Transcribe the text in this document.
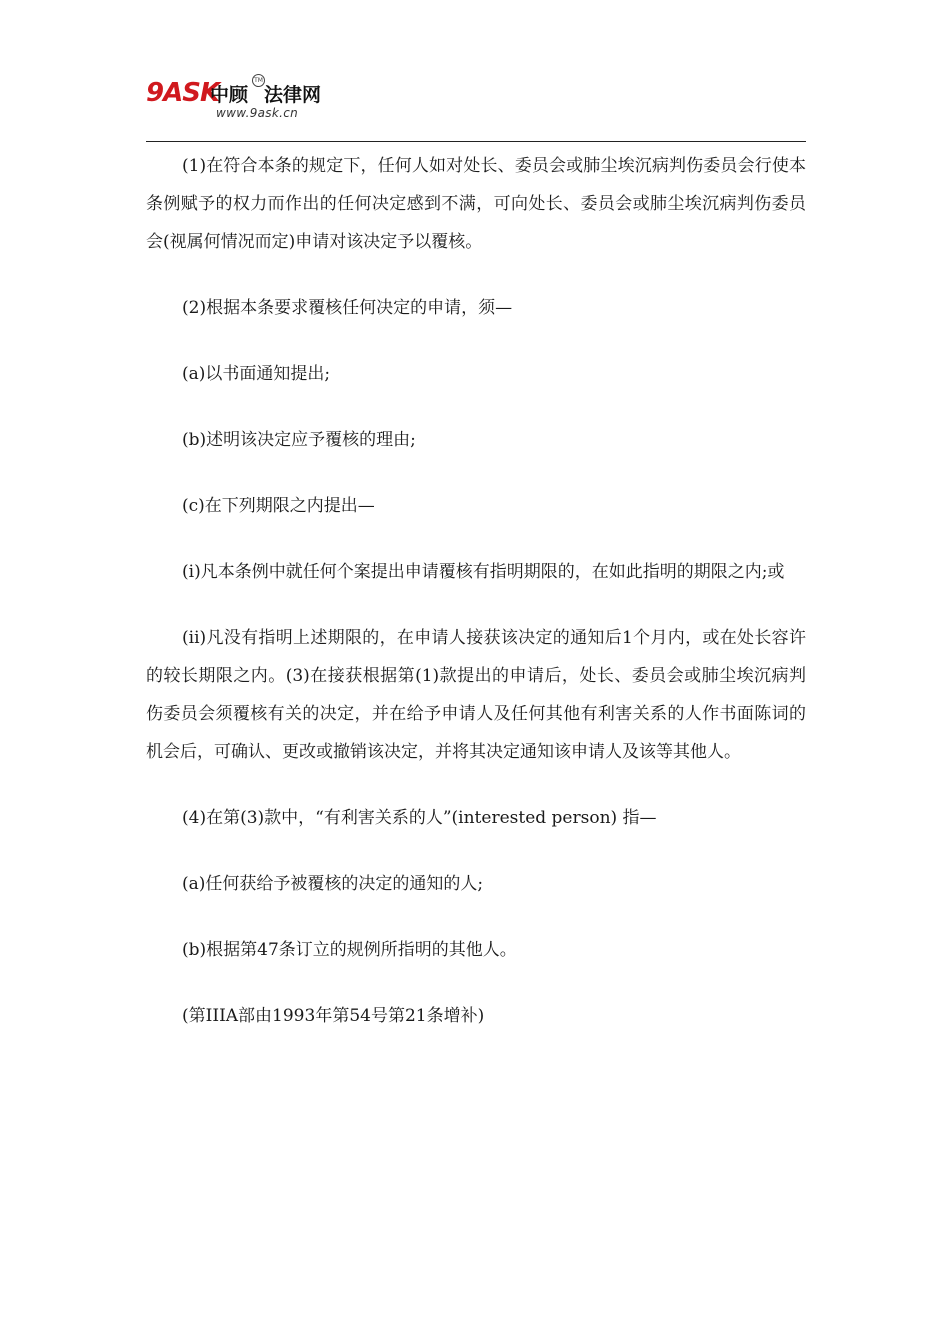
9ASK
中顾
TM
法律网
www.9ask.cn

(1)在符合本条的规定下，任何人如对处长、委员会或肺尘埃沉病判伤委员会行使本条例赋予的权力而作出的任何决定感到不满，可向处长、委员会或肺尘埃沉病判伤委员会(视属何情况而定)申请对该决定予以覆核。

(2)根据本条要求覆核任何决定的申请，须—

(a)以书面通知提出;

(b)述明该决定应予覆核的理由;

(c)在下列期限之内提出—

(i)凡本条例中就任何个案提出申请覆核有指明期限的，在如此指明的期限之内;或

(ii)凡没有指明上述期限的，在申请人接获该决定的通知后1个月内，或在处长容许的较长期限之内。(3)在接获根据第(1)款提出的申请后，处长、委员会或肺尘埃沉病判伤委员会须覆核有关的决定，并在给予申请人及任何其他有利害关系的人作书面陈词的机会后，可确认、更改或撤销该决定，并将其决定通知该申请人及该等其他人。

(4)在第(3)款中，“有利害关系的人”(interested person) 指—

(a)任何获给予被覆核的决定的通知的人;

(b)根据第47条订立的规例所指明的其他人。

(第IIIA部由1993年第54号第21条增补)
